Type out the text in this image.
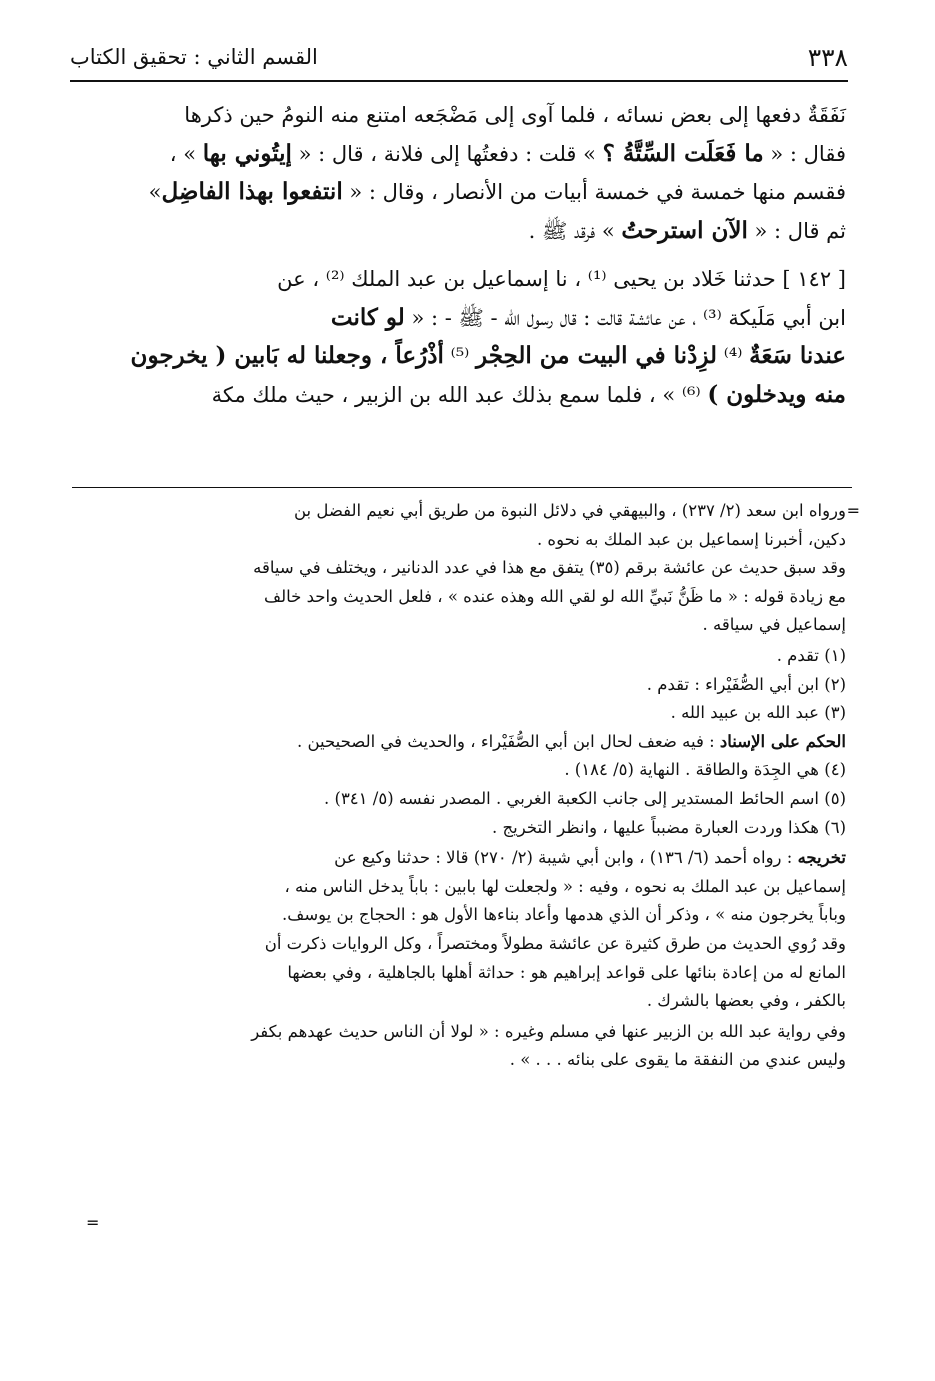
٣٣٨
القسم الثاني : تحقيق الكتاب

نَفَقَةٌ دفعها إلى بعض نسائه ، فلما آوى إلى مَضْجَعه امتنع منه النومُ حين ذكرها

فقال : « ما فَعَلَت السِّتَّةُ ؟ » قلت : دفعتُها إلى فلانة ، قال : « إيتُوني بها » ،

فقسم منها خمسة في خمسة أبيات من الأنصار ، وقال : « انتفعوا بهذا الفاضِل»

ثم قال : « الآن استرحتُ » فرقد ﷺ .

[ ١٤٢ ] حدثنا خَلاد بن يحيى ⁽¹⁾ ، نا إسماعيل بن عبد الملك ⁽²⁾ ، عن

ابن أبي مَلَيكة ⁽³⁾ ، عن عائشة قالت : قال رسول الله - ﷺ - : « لو كانت

عندنا سَعَةٌ ⁽⁴⁾ لزِدْنا في البيت من الحِجْر ⁽⁵⁾ أذْرُعاً ، وجعلنا له بَابين ( يخرجون

منه ويدخلون ) ⁽⁶⁾ » ، فلما سمع بذلك عبد الله بن الزبير ، حيث ملك مكة

=
ورواه ابن سعد (٢/ ٢٣٧) ، والبيهقي في دلائل النبوة من طريق أبي نعيم الفضل بن

دكين، أخبرنا إسماعيل بن عبد الملك به نحوه .

وقد سبق حديث عن عائشة برقم (٣٥) يتفق مع هذا في عدد الدنانير ، ويختلف في سياقه

مع زيادة قوله : « ما ظَنُّ نَبيِّ الله لو لقي الله وهذه عنده » ، فلعل الحديث واحد خالف

إسماعيل في سياقه .

(١) تقدم .

(٢) ابن أبي الصُّفَيْراء : تقدم .

(٣) عبد الله بن عبيد الله .

الحكم على الإسناد : فيه ضعف لحال ابن أبي الصُّفَيْراء ، والحديث في الصحيحين .

(٤) هي الجِدَة والطاقة . النهاية (٥/ ١٨٤) .

(٥) اسم الحائط المستدير إلى جانب الكعبة الغربي . المصدر نفسه (٥/ ٣٤١) .

(٦) هكذا وردت العبارة مضبباً عليها ، وانظر التخريج .

تخريجه : رواه أحمد (٦/ ١٣٦) ، وابن أبي شيبة (٢/ ٢٧٠) قالا : حدثنا وكيع عن

إسماعيل بن عبد الملك به نحوه ، وفيه : « ولجعلت لها بابين : باباً يدخل الناس منه ،

وباباً يخرجون منه » ، وذكر أن الذي هدمها وأعاد بناءها الأول هو : الحجاج بن يوسف.

وقد رُوي الحديث من طرق كثيرة عن عائشة مطولاً ومختصراً ، وكل الروايات ذكرت أن

المانع له من إعادة بنائها على قواعد إبراهيم هو : حداثة أهلها بالجاهلية ، وفي بعضها

بالكفر ، وفي بعضها بالشرك .

وفي رواية عبد الله بن الزبير عنها في مسلم وغيره : « لولا أن الناس حديث عهدهم بكفر

وليس عندي من النفقة ما يقوى على بنائه . . . » .

=
